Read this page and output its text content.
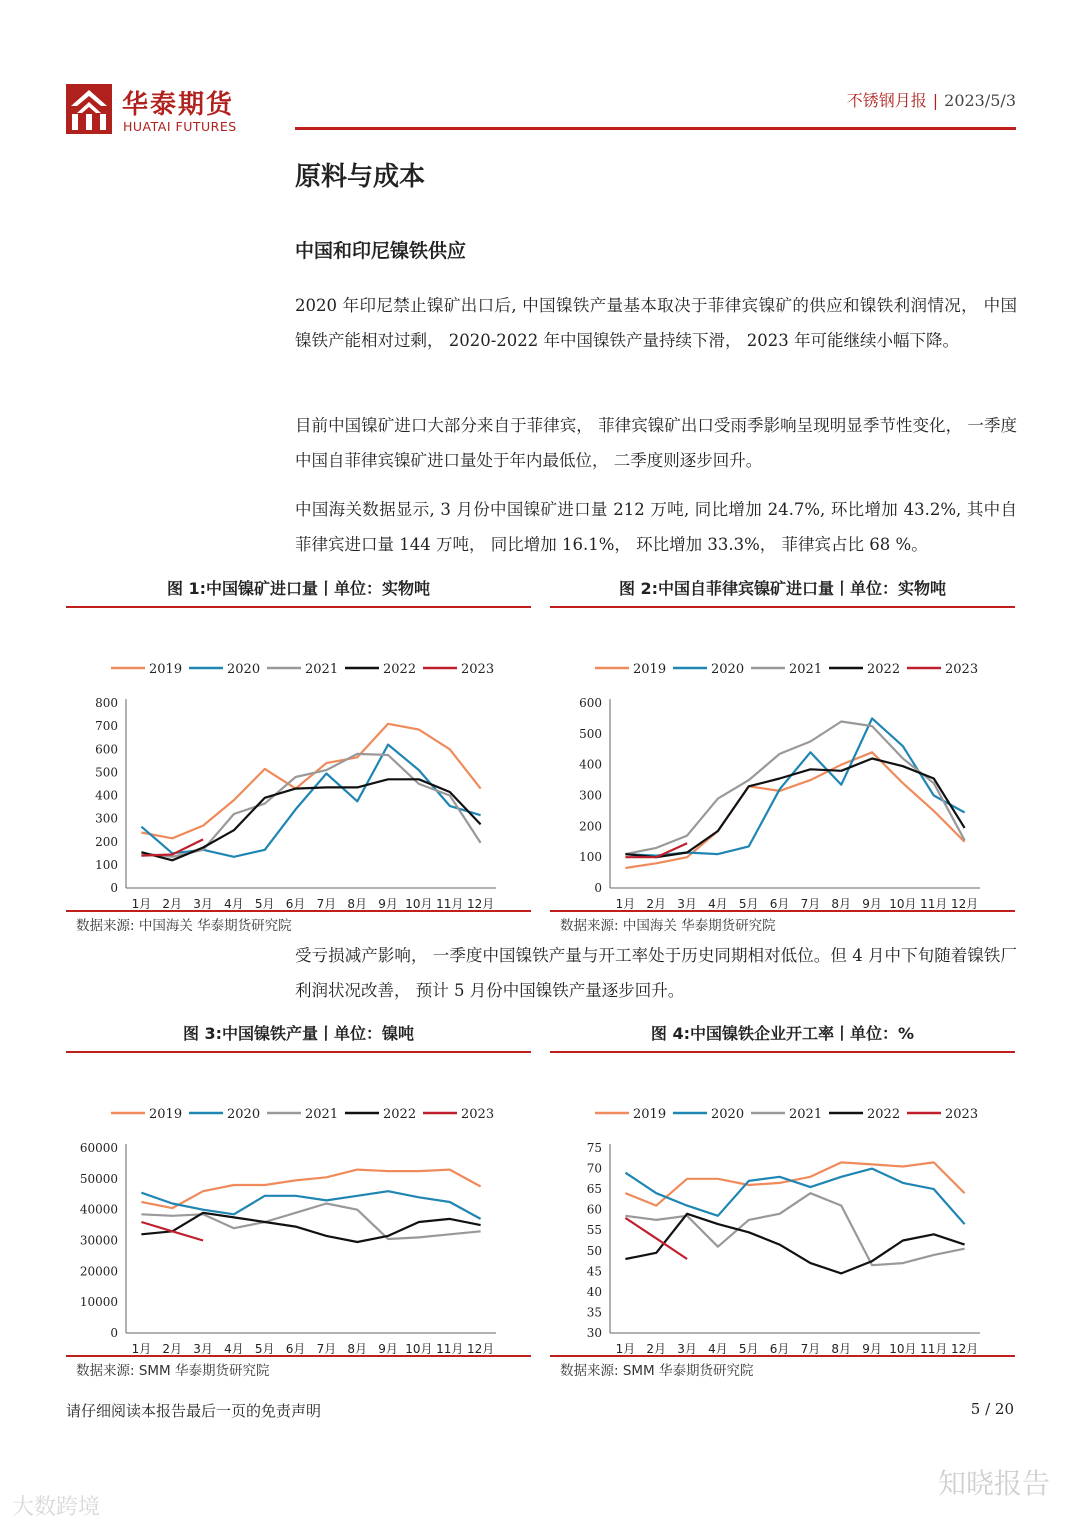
华泰期货
HUATAI FUTURES
不锈钢月报 | 2023/5/3
原料与成本
中国和印尼镍铁供应
2020 年印尼禁止镍矿出口后, 中国镍铁产量基本取决于菲律宾镍矿的供应和镍铁利润情况， 中国镍铁产能相对过剩， 2020-2022 年中国镍铁产量持续下滑， 2023 年可能继续小幅下降。
目前中国镍矿进口大部分来自于菲律宾， 菲律宾镍矿出口受雨季影响呈现明显季节性变化， 一季度中国自菲律宾镍矿进口量处于年内最低位， 二季度则逐步回升。
中国海关数据显示, 3 月份中国镍矿进口量 212 万吨, 同比增加 24.7%, 环比增加 43.2%, 其中自菲律宾进口量 144 万吨， 同比增加 16.1%， 环比增加 33.3%， 菲律宾占比 68 %。
图 1:中国镍矿进口量丨单位：实物吨
2019	2020	2021	2022	2023
0
100
200
300
400
500
600
700
800
1月 2月 3月 4月 5月 6月 7月 8月 9月 10月 11月 12月
数据来源: 中国海关 华泰期货研究院
图 2:中国自菲律宾镍矿进口量丨单位：实物吨
2019	2020	2021	2022	2023
0
100
200
300
400
500
600
1月 2月 3月 4月 5月 6月 7月 8月 9月 10月 11月 12月
数据来源: 中国海关 华泰期货研究院
受亏损减产影响， 一季度中国镍铁产量与开工率处于历史同期相对低位。但 4 月中下旬随着镍铁厂利润状况改善， 预计 5 月份中国镍铁产量逐步回升。
图 3:中国镍铁产量丨单位：镍吨
2019	2020	2021	2022	2023
0
10000
20000
30000
40000
50000
60000
1月 2月 3月 4月 5月 6月 7月 8月 9月 10月 11月 12月
数据来源: SMM 华泰期货研究院
图 4:中国镍铁企业开工率丨单位：%
2019	2020	2021	2022	2023
30
35
40
45
50
55
60
65
70
75
1月 2月 3月 4月 5月 6月 7月 8月 9月 10月 11月 12月
数据来源: SMM 华泰期货研究院
请仔细阅读本报告最后一页的免责声明	5 / 20
知晓报告
大数跨境
